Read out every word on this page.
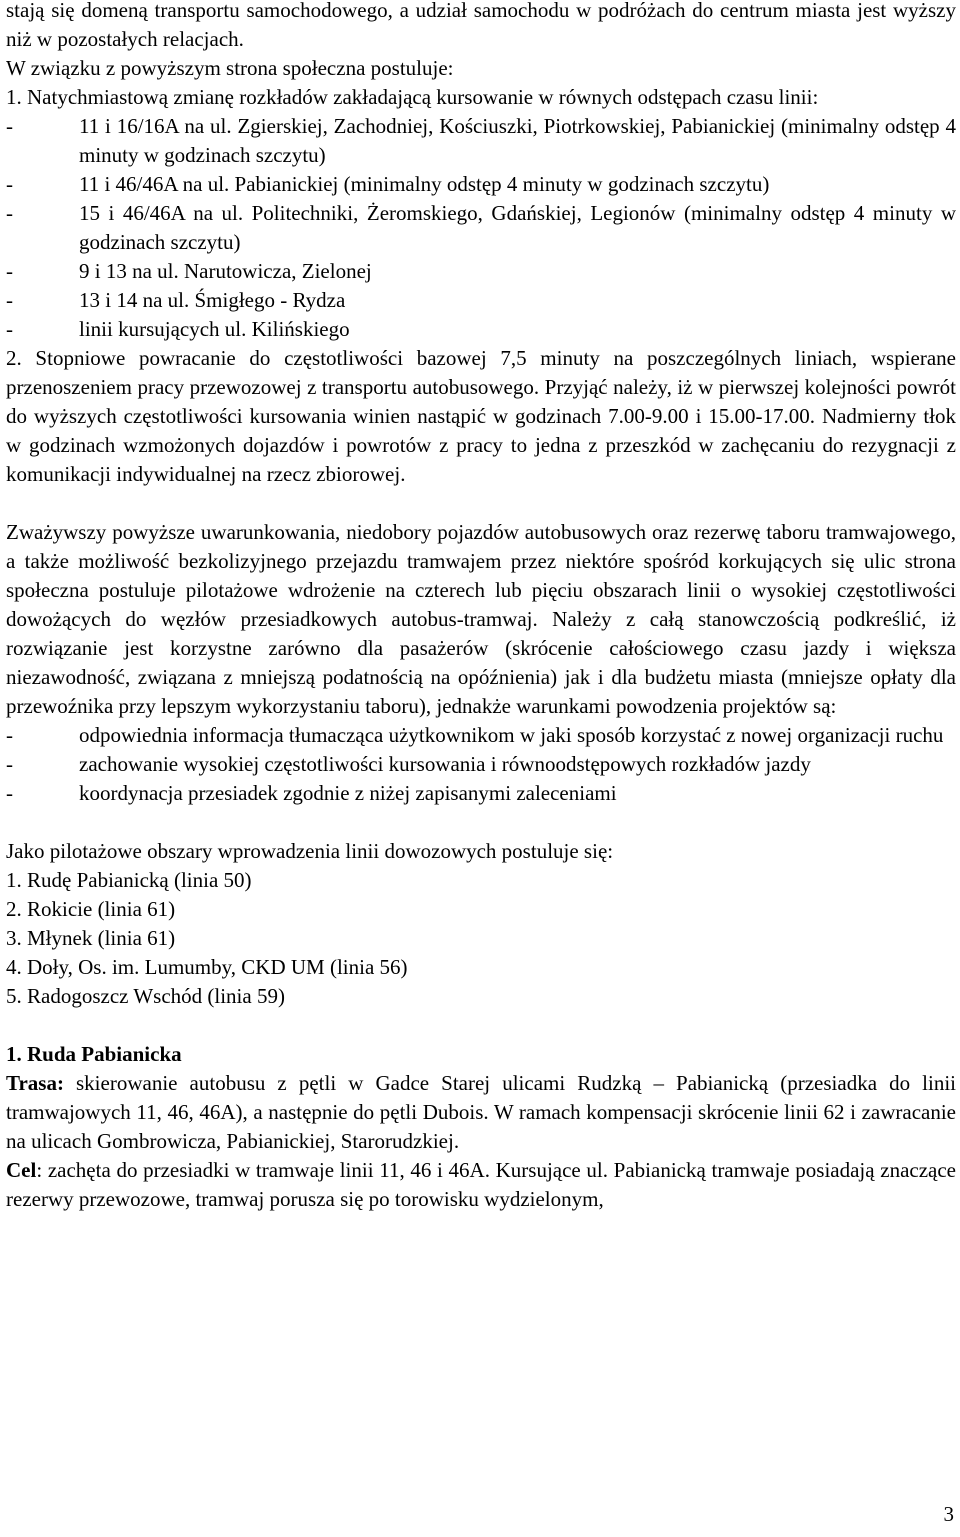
stają się domeną transportu samochodowego, a udział samochodu w podróżach do centrum miasta jest wyższy niż w pozostałych relacjach.

W związku z powyższym strona społeczna postuluje:

1. Natychmiastową zmianę rozkładów zakładającą kursowanie w równych odstępach czasu linii:

-	11 i 16/16A na ul. Zgierskiej, Zachodniej, Kościuszki, Piotrkowskiej, Pabianickiej (minimalny odstęp 4 minuty w godzinach szczytu)
-	11 i 46/46A na ul. Pabianickiej (minimalny odstęp 4 minuty w godzinach szczytu)
-	15 i 46/46A na ul. Politechniki, Żeromskiego, Gdańskiej, Legionów (minimalny odstęp 4 minuty w godzinach szczytu)
-	9 i 13 na ul. Narutowicza, Zielonej
-	13 i 14 na ul. Śmigłego - Rydza
-	linii kursujących ul. Kilińskiego

2. Stopniowe powracanie do częstotliwości bazowej 7,5 minuty na poszczególnych liniach, wspierane przenoszeniem pracy przewozowej z transportu autobusowego. Przyjąć należy, iż w pierwszej kolejności powrót do wyższych częstotliwości kursowania winien nastąpić w godzinach 7.00-9.00 i 15.00-17.00. Nadmierny tłok w godzinach wzmożonych dojazdów i powrotów z pracy to jedna z przeszkód w zachęcaniu do rezygnacji z komunikacji indywidualnej na rzecz zbiorowej.

Zważywszy powyższe uwarunkowania, niedobory pojazdów autobusowych oraz rezerwę taboru tramwajowego, a także możliwość bezkolizyjnego przejazdu tramwajem przez niektóre spośród korkujących się ulic strona społeczna postuluje pilotażowe wdrożenie na czterech lub pięciu obszarach linii o wysokiej częstotliwości dowożących do węzłów przesiadkowych autobus-tramwaj. Należy z całą stanowczością podkreślić, iż rozwiązanie jest korzystne zarówno dla pasażerów (skrócenie całościowego czasu jazdy i większa niezawodność, związana z mniejszą podatnością na opóźnienia) jak i dla budżetu miasta (mniejsze opłaty dla przewoźnika przy lepszym wykorzystaniu taboru), jednakże warunkami powodzenia projektów są:

-	odpowiednia informacja tłumacząca użytkownikom w jaki sposób korzystać z nowej organizacji ruchu
-	zachowanie wysokiej częstotliwości kursowania i równoodstępowych rozkładów jazdy
-	koordynacja przesiadek zgodnie z niżej zapisanymi zaleceniami

Jako pilotażowe obszary wprowadzenia linii dowozowych postuluje się:

1. Rudę Pabianicką (linia 50)

2. Rokicie (linia 61)

3. Młynek (linia 61)

4. Doły, Os. im. Lumumby, CKD UM (linia 56)

5. Radogoszcz Wschód (linia 59)

1. Ruda Pabianicka

Trasa: skierowanie autobusu z pętli w Gadce Starej ulicami Rudzką – Pabianicką (przesiadka do linii tramwajowych 11, 46, 46A), a następnie do pętli Dubois. W ramach kompensacji skrócenie linii 62 i zawracanie na ulicach Gombrowicza, Pabianickiej, Starorudzkiej.

Cel: zachęta do przesiadki w tramwaje linii 11, 46 i 46A. Kursujące ul. Pabianicką tramwaje posiadają znaczące rezerwy przewozowe, tramwaj porusza się po torowisku wydzielonym,

3
